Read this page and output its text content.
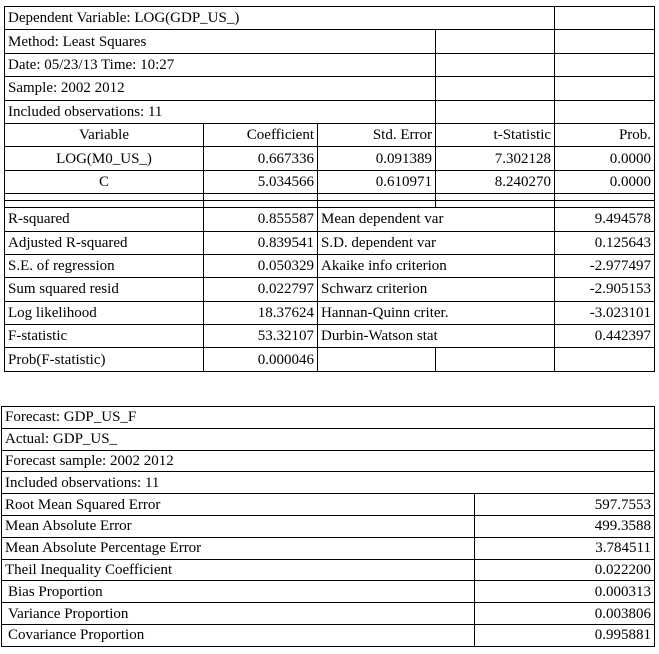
Dependent Variable: LOG(GDP_US_)				
Method: Least Squares				
Date: 05/23/13 Time: 10:27				
Sample: 2002 2012				
Included observations: 11				
Variable	Coefficient	Std. Error	t-Statistic	Prob.
LOG(M0_US_)	0.667336	0.091389	7.302128	0.0000
C	5.034566	0.610971	8.240270	0.0000

R-squared	0.855587	Mean dependent var		9.494578
Adjusted R-squared	0.839541	S.D. dependent var		0.125643
S.E. of regression	0.050329	Akaike info criterion		-2.977497
Sum squared resid	0.022797	Schwarz criterion		-2.905153
Log likelihood	18.37624	Hannan-Quinn criter.		-3.023101
F-statistic	53.32107	Durbin-Watson stat		0.442397
Prob(F-statistic)	0.000046			
Forecast: GDP_US_F	
Actual: GDP_US_	
Forecast sample: 2002 2012	
Included observations: 11	
Root Mean Squared Error	597.7553
Mean Absolute Error	499.3588
Mean Absolute Percentage Error	3.784511
Theil Inequality Coefficient	0.022200
Bias Proportion	0.000313
Variance Proportion	0.003806
Covariance Proportion	0.995881
